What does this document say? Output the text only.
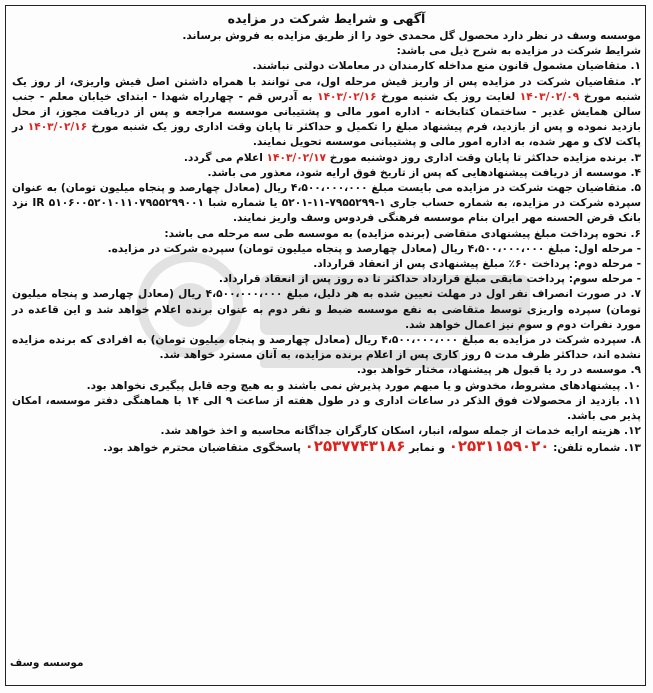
آگهی و شرایط شرکت در مزایده
موسسه وسف در نظر دارد محصول گل محمدی خود را از طریق مزایده به فروش برساند.
شرایط شرکت در مزایده به شرح ذیل می باشد:
۱. متقاضیان مشمول قانون منع مداخله کارمندان در معاملات دولتی نباشند.
۲. متقاضیان شرکت در مزایده پس از واریز فیش مرحله اول، می توانند با همراه داشتن اصل فیش واریزی، از روز یک شنبه مورخ ۱۴۰۳/۰۲/۰۹ لغایت روز یک شنبه مورخ ۱۴۰۳/۰۲/۱۶ به آدرس قم - چهارراه شهدا - ابتدای خیابان معلم - جنب سالن همایش غدیر - ساختمان کتابخانه - اداره امور مالی و پشتیبانی موسسه مراجعه و پس از دریافت مجوز، از محل بازدید نموده و پس از بازدید، فرم پیشنهاد مبلغ را تکمیل و حداکثر تا پایان وقت اداری روز یک شنبه مورخ ۱۴۰۳/۰۲/۱۶ در پاکت لاک و مهر شده، به اداره امور مالی و پشتیبانی موسسه تحویل نمایند.
۳. برنده مزایده حداکثر تا پایان وقت اداری روز دوشنبه مورخ ۱۴۰۳/۰۲/۱۷ اعلام می گردد.
۴. موسسه از دریافت پیشنهادهایی که پس از تاریخ فوق ارایه شود، معذور می باشد.
۵. متقاضیان جهت شرکت در مزایده می بایست مبلغ ۴،۵۰۰،۰۰۰،۰۰۰ ریال (معادل چهارصد و پنجاه میلیون تومان) به عنوان سپرده شرکت در مزایده، به شماره حساب جاری ۱-۷۹۵۵۲۹۹-۱۱-۵۲۰۱ یا شماره شبا IR ۵۱۰۶۰۰۵۲۰۱۰۱۱۰۷۹۵۵۲۹۹۰۰۱ نزد بانک قرض الحسنه مهر ایران بنام موسسه فرهنگی فردوس وسف واریز نمایند.
۶. نحوه پرداخت مبلغ پیشنهادی متقاضی (برنده مزایده) به موسسه طی سه مرحله می باشد:
-مرحله اول: مبلغ ۴،۵۰۰،۰۰۰،۰۰۰ ریال (معادل چهارصد و پنجاه میلیون تومان) سپرده شرکت در مزایده.
-مرحله دوم: پرداخت ۶۰٪ مبلغ پیشنهادی پس از انعقاد قرارداد.
-مرحله سوم: پرداخت مابقی مبلغ قرارداد حداکثر تا ده روز پس از انعقاد قرارداد.
۷. در صورت انصراف نفر اول در مهلت تعیین شده به هر دلیل، مبلغ ۴،۵۰۰،۰۰۰،۰۰۰ ریال (معادل چهارصد و پنجاه میلیون تومان) سپرده واریزی توسط متقاضی به نفع موسسه ضبط و نفر دوم به عنوان برنده اعلام خواهد شد و این قاعده در مورد نفرات دوم و سوم نیز اعمال خواهد شد.
۸. سپرده شرکت در مزایده به مبلغ ۴،۵۰۰،۰۰۰،۰۰۰ ریال (معادل چهارصد و پنجاه میلیون تومان) به افرادی که برنده مزایده نشده اند، حداکثر ظرف مدت ۵ روز کاری پس از اعلام برنده مزایده، به آنان مسترد خواهد شد.
۹. موسسه در رد یا قبول هر پیشنهاد، مختار خواهد بود.
۱۰. پیشنهادهای مشروط، مخدوش و یا مبهم مورد پذیرش نمی باشند و به هیچ وجه قابل پیگیری نخواهد بود.
۱۱. بازدید از محصولات فوق الذکر در ساعات اداری و در طول هفته از ساعت ۹ الی ۱۴ با هماهنگی دفتر موسسه، امکان پذیر می باشد.
۱۲. هزینه ارایه خدمات از جمله سوله، انبار، اسکان کارگران جداگانه محاسبه و اخذ خواهد شد.
۱۳. شماره تلفن: ۰۲۵۳۱۱۵۹۰۲۰ و نمابر ۰۲۵۳۷۷۴۳۱۸۶ پاسخگوی متقاضیان محترم خواهد بود.
موسسه وسف
